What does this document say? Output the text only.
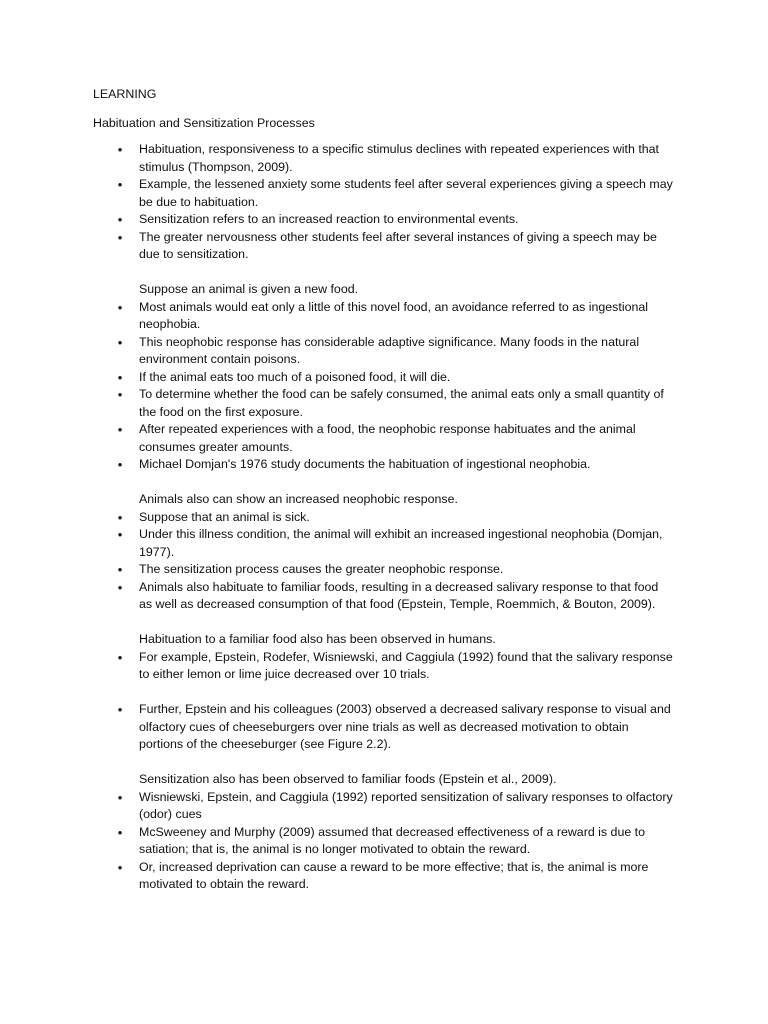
LEARNING
Habituation and Sensitization Processes
• Habituation, responsiveness to a specific stimulus declines with repeated experiences with that stimulus (Thompson, 2009).
• Example, the lessened anxiety some students feel after several experiences giving a speech may be due to habituation.
• Sensitization refers to an increased reaction to environmental events.
• The greater nervousness other students feel after several instances of giving a speech may be due to sensitization.
Suppose an animal is given a new food.
• Most animals would eat only a little of this novel food, an avoidance referred to as ingestional neophobia.
• This neophobic response has considerable adaptive significance. Many foods in the natural environment contain poisons.
• If the animal eats too much of a poisoned food, it will die.
• To determine whether the food can be safely consumed, the animal eats only a small quantity of the food on the first exposure.
• After repeated experiences with a food, the neophobic response habituates and the animal consumes greater amounts.
• Michael Domjan's 1976 study documents the habituation of ingestional neophobia.
Animals also can show an increased neophobic response.
• Suppose that an animal is sick.
• Under this illness condition, the animal will exhibit an increased ingestional neophobia (Domjan, 1977).
• The sensitization process causes the greater neophobic response.
• Animals also habituate to familiar foods, resulting in a decreased salivary response to that food as well as decreased consumption of that food (Epstein, Temple, Roemmich, & Bouton, 2009).
Habituation to a familiar food also has been observed in humans.
• For example, Epstein, Rodefer, Wisniewski, and Caggiula (1992) found that the salivary response to either lemon or lime juice decreased over 10 trials.
• Further, Epstein and his colleagues (2003) observed a decreased salivary response to visual and olfactory cues of cheeseburgers over nine trials as well as decreased motivation to obtain portions of the cheeseburger (see Figure 2.2).
Sensitization also has been observed to familiar foods (Epstein et al., 2009).
• Wisniewski, Epstein, and Caggiula (1992) reported sensitization of salivary responses to olfactory (odor) cues
• McSweeney and Murphy (2009) assumed that decreased effectiveness of a reward is due to satiation; that is, the animal is no longer motivated to obtain the reward.
• Or, increased deprivation can cause a reward to be more effective; that is, the animal is more motivated to obtain the reward.
